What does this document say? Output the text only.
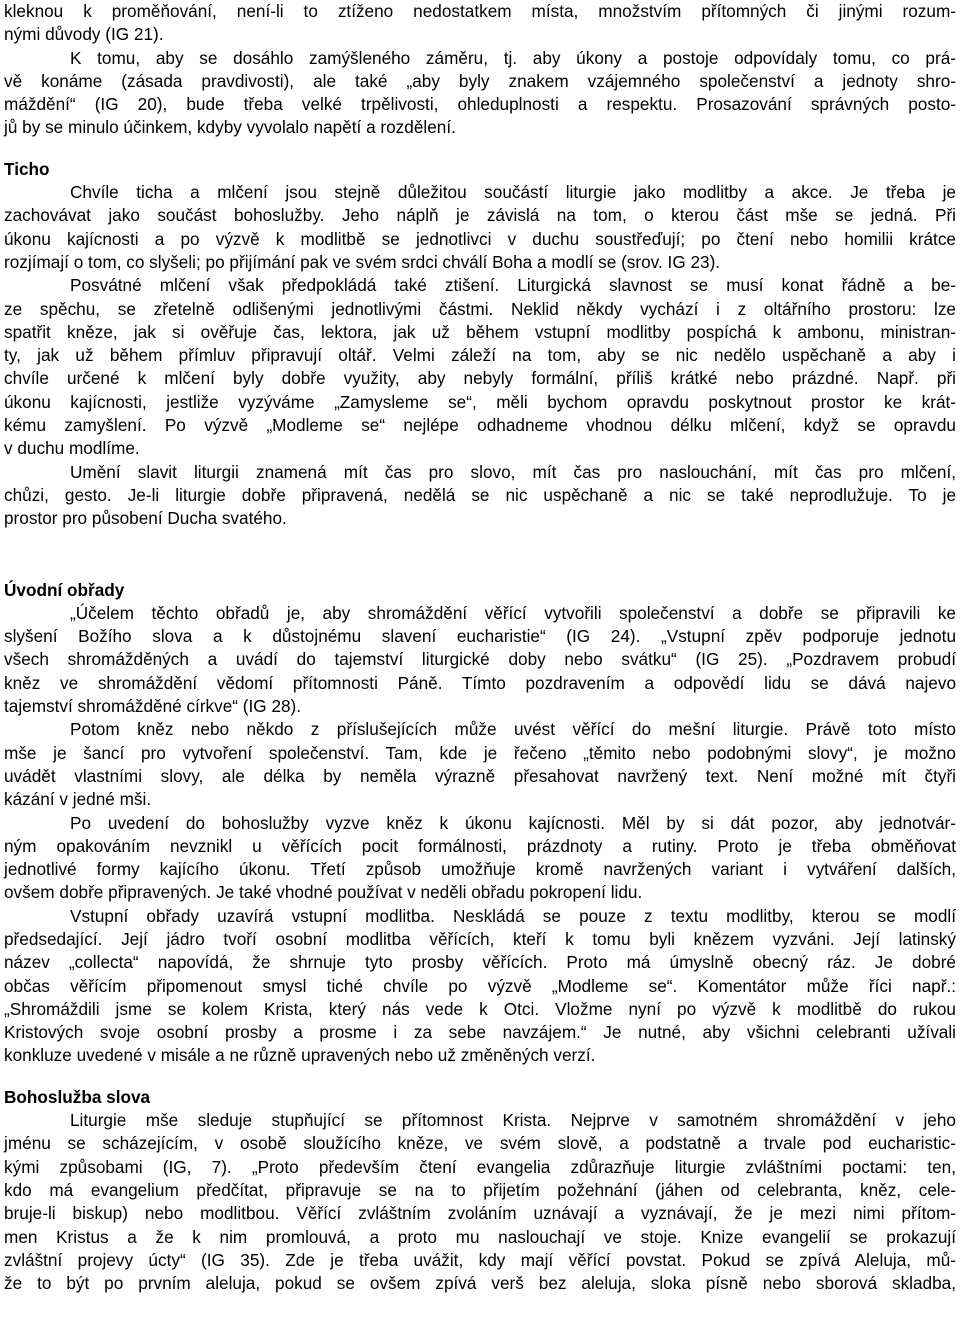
kleknou k proměňování, není-li to ztíženo nedostatkem místa, množstvím přítomných či jinými rozum-
nými důvody (IG 21).
K tomu, aby se dosáhlo zamýšleného záměru, tj. aby úkony a postoje odpovídaly tomu, co prá-
vě konáme (zásada pravdivosti), ale také „aby byly znakem vzájemného společenství a jednoty shro-
máždění“ (IG 20), bude třeba velké trpělivosti, ohleduplnosti a respektu. Prosazování správných posto-
jů by se minulo účinkem, kdyby vyvolalo napětí a rozdělení.
Ticho
Chvíle ticha a mlčení jsou stejně důležitou součástí liturgie jako modlitby a akce. Je třeba je
zachovávat jako součást bohoslužby. Jeho náplň je závislá na tom, o kterou část mše se jedná. Při
úkonu kajícnosti a po výzvě k modlitbě se jednotlivci v duchu soustřeďují; po čtení nebo homilii krátce
rozjímají o tom, co slyšeli; po přijímání pak ve svém srdci chválí Boha a modlí se (srov. IG 23).
Posvátné mlčení však předpokládá také ztišení. Liturgická slavnost se musí konat řádně a be-
ze spěchu, se zřetelně odlišenými jednotlivými částmi. Neklid někdy vychází i z oltářního prostoru: lze
spatřit kněze, jak si ověřuje čas, lektora, jak už během vstupní modlitby pospíchá k ambonu, ministran-
ty, jak už během přímluv připravují oltář. Velmi záleží na tom, aby se nic nedělo uspěchaně a aby i
chvíle určené k mlčení byly dobře využity, aby nebyly formální, příliš krátké nebo prázdné. Např. při
úkonu kajícnosti, jestliže vyzýváme „Zamysleme se“, měli bychom opravdu poskytnout prostor ke krát-
kému zamyšlení. Po výzvě „Modleme se“ nejlépe odhadneme vhodnou délku mlčení, když se opravdu
v duchu modlíme.
Umění slavit liturgii znamená mít čas pro slovo, mít čas pro naslouchání, mít čas pro mlčení,
chůzi, gesto. Je-li liturgie dobře připravená, nedělá se nic uspěchaně a nic se také neprodlužuje. To je
prostor pro působení Ducha svatého.
Úvodní obřady
„Účelem těchto obřadů je, aby shromáždění věřící vytvořili společenství a dobře se připravili ke
slyšení Božího slova a k důstojnému slavení eucharistie“ (IG 24). „Vstupní zpěv podporuje jednotu
všech shromážděných a uvádí do tajemství liturgické doby nebo svátku“ (IG 25). „Pozdravem probudí
kněz ve shromáždění vědomí přítomnosti Páně. Tímto pozdravením a odpovědí lidu se dává najevo
tajemství shromážděné církve“ (IG 28).
Potom kněz nebo někdo z příslušejících může uvést věřící do mešní liturgie. Právě toto místo
mše je šancí pro vytvoření společenství. Tam, kde je řečeno „těmito nebo podobnými slovy“, je možno
uvádět vlastními slovy, ale délka by neměla výrazně přesahovat navržený text. Není možné mít čtyři
kázání v jedné mši.
Po uvedení do bohoslužby vyzve kněz k úkonu kajícnosti. Měl by si dát pozor, aby jednotvár-
ným opakováním nevznikl u věřících pocit formálnosti, prázdnoty a rutiny. Proto je třeba obměňovat
jednotlivé formy kajícího úkonu. Třetí způsob umožňuje kromě navržených variant i vytváření dalších,
ovšem dobře připravených. Je také vhodné používat v neděli obřadu pokropení lidu.
Vstupní obřady uzavírá vstupní modlitba. Neskládá se pouze z textu modlitby, kterou se modlí
předsedající. Její jádro tvoří osobní modlitba věřících, kteří k tomu byli knězem vyzváni. Její latinský
název „collecta“ napovídá, že shrnuje tyto prosby věřících. Proto má úmyslně obecný ráz. Je dobré
občas věřícím připomenout smysl tiché chvíle po výzvě „Modleme se“. Komentátor může říci např.:
„Shromáždili jsme se kolem Krista, který nás vede k Otci. Vložme nyní po výzvě k modlitbě do rukou
Kristových svoje osobní prosby a prosme i za sebe navzájem.“ Je nutné, aby všichni celebranti užívali
konkluze uvedené v misále a ne různě upravených nebo už změněných verzí.
Bohoslužba slova
Liturgie mše sleduje stupňující se přítomnost Krista. Nejprve v samotném shromáždění v jeho
jménu se scházejícím, v osobě sloužícího kněze, ve svém slově, a podstatně a trvale pod eucharistic-
kými způsobami (IG, 7). „Proto především čtení evangelia zdůrazňuje liturgie zvláštními poctami: ten,
kdo má evangelium předčítat, připravuje se na to přijetím požehnání (jáhen od celebranta, kněz, cele-
bruje-li biskup) nebo modlitbou. Věřící zvláštním zvoláním uznávají a vyznávají, že je mezi nimi přítom-
men Kristus a že k nim promlouvá, a proto mu naslouchají ve stoje. Knize evangelií se prokazují
zvláštní projevy úcty“ (IG 35). Zde je třeba uvážit, kdy mají věřící povstat. Pokud se zpívá Aleluja, mů-
že to být po prvním aleluja, pokud se ovšem zpívá verš bez aleluja, sloka písně nebo sborová skladba,
